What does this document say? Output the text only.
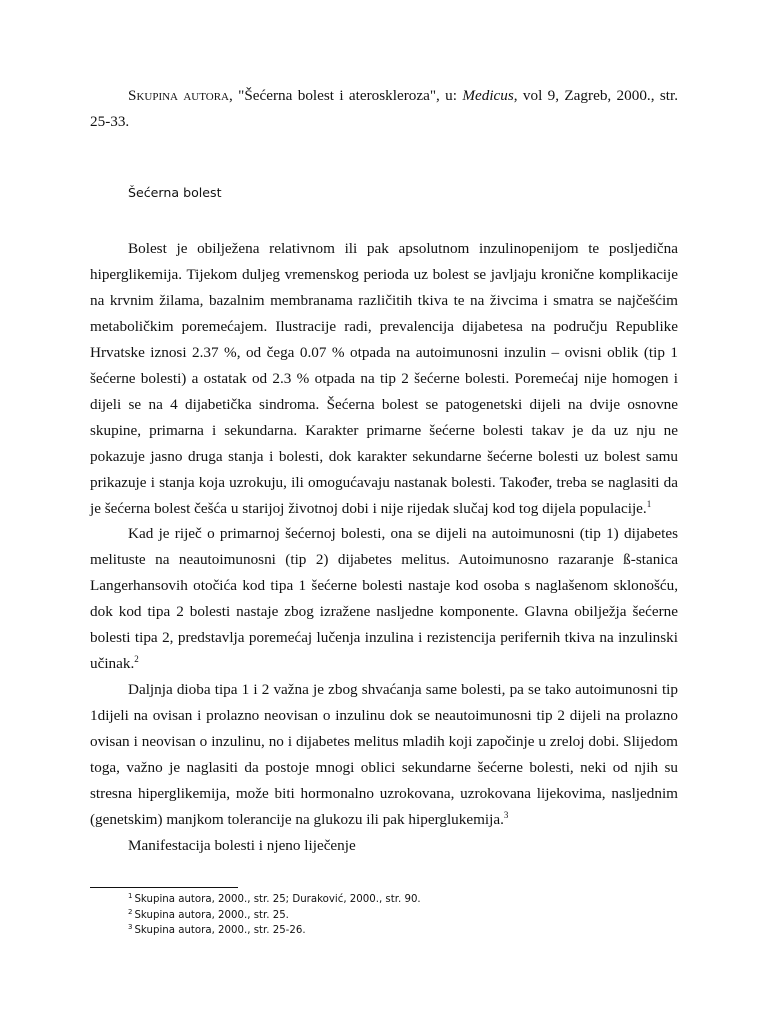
Skupina autora, "Šećerna bolest i ateroskleroza", u: Medicus, vol 9, Zagreb, 2000., str. 25-33.

Šećerna bolest

Bolest je obilježena relativnom ili pak apsolutnom inzulinopenijom te posljedična hiperglikemija. Tijekom duljeg vremenskog perioda uz bolest se javljaju kronične komplikacije na krvnim žilama, bazalnim membranama različitih tkiva te na živcima i smatra se najčešćim metaboličkim poremećajem. Ilustracije radi, prevalencija dijabetesa na području Republike Hrvatske iznosi 2.37 %, od čega 0.07 % otpada na autoimunosni inzulin – ovisni oblik (tip 1 šećerne bolesti) a ostatak od 2.3 % otpada na tip 2 šećerne bolesti. Poremećaj nije homogen i dijeli se na 4 dijabetička sindroma. Šećerna bolest se patogenetski dijeli na dvije osnovne skupine, primarna i sekundarna. Karakter primarne šećerne bolesti takav je da uz nju ne pokazuje jasno druga stanja i bolesti, dok karakter sekundarne šećerne bolesti uz bolest samu prikazuje i stanja koja uzrokuju, ili omogućavaju nastanak bolesti. Također, treba se naglasiti da je šećerna bolest češća u starijoj životnoj dobi i nije rijedak slučaj kod tog dijela populacije.$^1$

Kad je riječ o primarnoj šećernoj bolesti, ona se dijeli na autoimunosni (tip 1) dijabetes melituste na neautoimunosni (tip 2) dijabetes melitus. Autoimunosno razaranje ß-stanica Langerhansovih otočića kod tipa 1 šećerne bolesti nastaje kod osoba s naglašenom sklonošću, dok kod tipa 2 bolesti nastaje zbog izražene nasljedne komponente. Glavna obilježja šećerne bolesti tipa 2, predstavlja poremećaj lučenja inzulina i rezistencija perifernih tkiva na inzulinski učinak.$^2$

Daljnja dioba tipa 1 i 2 važna je zbog shvaćanja same bolesti, pa se tako autoimunosni tip 1dijeli na ovisan i prolazno neovisan o inzulinu dok se neautoimunosni tip 2 dijeli na prolazno ovisan i neovisan o inzulinu, no i dijabetes melitus mladih koji započinje u zreloj dobi. Slijedom toga, važno je naglasiti da postoje mnogi oblici sekundarne šećerne bolesti, neki od njih su stresna hiperglikemija, može biti hormonalno uzrokovana, uzrokovana lijekovima, nasljednim (genetskim) manjkom tolerancije na glukozu ili pak hiperglukemija.$^3$

Manifestacija bolesti i njeno liječenje

$^1$ Skupina autora, 2000., str. 25; Duraković, 2000., str. 90.
$^2$ Skupina autora, 2000., str. 25.
$^3$ Skupina autora, 2000., str. 25-26.
